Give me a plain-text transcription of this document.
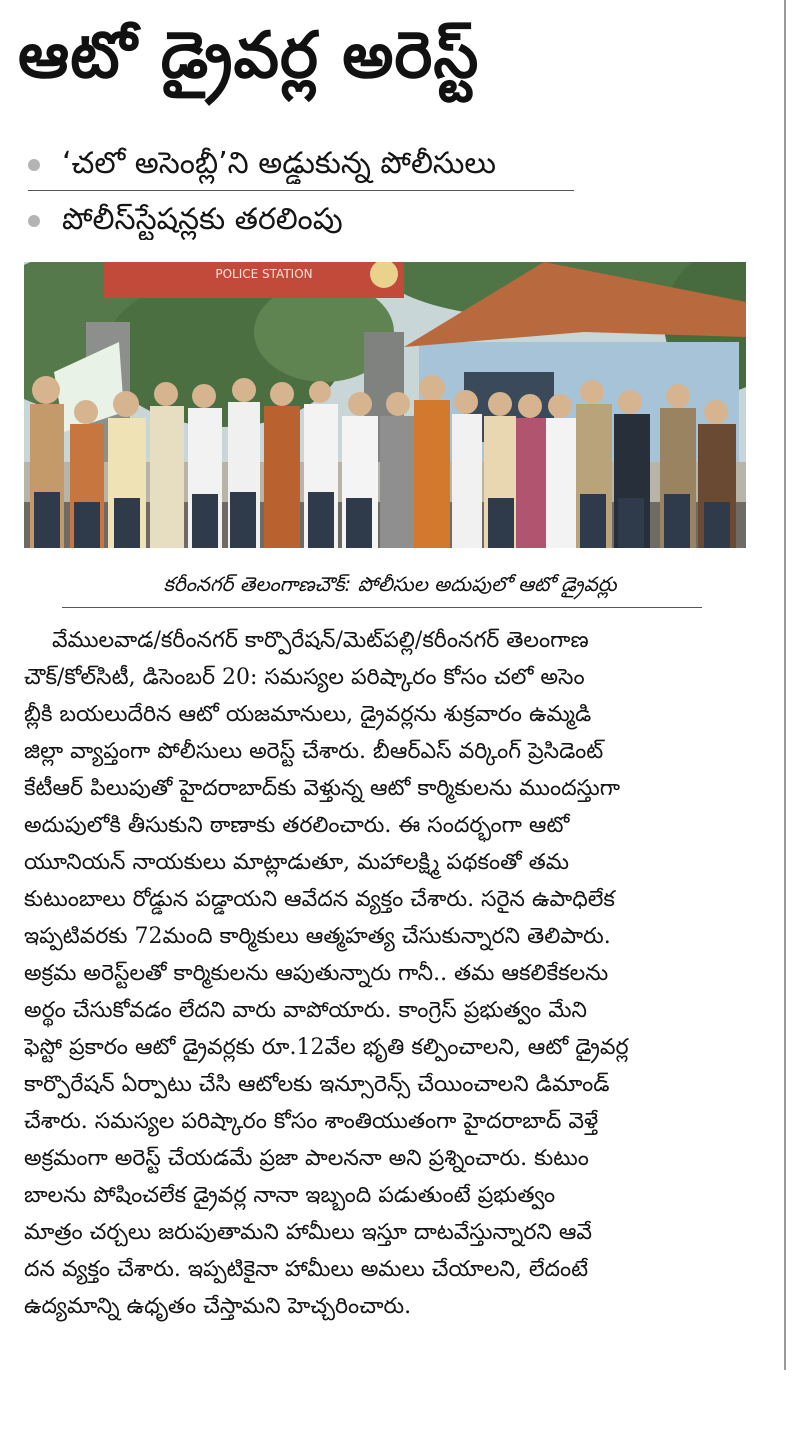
ఆటో డ్రైవర్ల అరెస్ట్
‘చలో అసెంబ్లీ’ని అడ్డుకున్న పోలీసులు
పోలీస్‌స్టేషన్లకు తరలింపు
POLICE STATION
కరీంనగర్ తెలంగాణచౌక్: పోలీసుల అదుపులో ఆటో డ్రైవర్లు
వేములవాడ/కరీంనగర్ కార్పొరేషన్/మెట్‌పల్లి/కరీంనగర్ తెలంగాణ
చౌక్/కోల్‌సిటీ, డిసెంబర్ 20: సమస్యల పరిష్కారం కోసం చలో అసెం
బ్లీకి బయలుదేరిన ఆటో యజమానులు, డ్రైవర్లను శుక్రవారం ఉమ్మడి
జిల్లా వ్యాప్తంగా పోలీసులు అరెస్ట్ చేశారు. బీఆర్‌ఎస్ వర్కింగ్ ప్రెసిడెంట్
కేటీఆర్ పిలుపుతో హైదరాబాద్‌కు వెళ్తున్న ఆటో కార్మికులను ముందస్తుగా
అదుపులోకి తీసుకుని ఠాణాకు తరలించారు. ఈ సందర్భంగా ఆటో
యూనియన్ నాయకులు మాట్లాడుతూ, మహాలక్ష్మి పథకంతో తమ
కుటుంబాలు రోడ్డున పడ్డాయని ఆవేదన వ్యక్తం చేశారు. సరైన ఉపాధిలేక
ఇప్పటివరకు 72మంది కార్మికులు ఆత్మహత్య చేసుకున్నారని తెలిపారు.
అక్రమ అరెస్ట్‌లతో కార్మికులను ఆపుతున్నారు గానీ.. తమ ఆకలికేకలను
అర్థం చేసుకోవడం లేదని వారు వాపోయారు. కాంగ్రెస్ ప్రభుత్వం మేని
ఫెస్టో ప్రకారం ఆటో డ్రైవర్లకు రూ.12వేల భృతి కల్పించాలని, ఆటో డ్రైవర్ల
కార్పొరేషన్ ఏర్పాటు చేసి ఆటోలకు ఇన్సూరెన్స్ చేయించాలని డిమాండ్
చేశారు. సమస్యల పరిష్కారం కోసం శాంతియుతంగా హైదరాబాద్ వెళ్తే
అక్రమంగా అరెస్ట్ చేయడమే ప్రజా పాలననా అని ప్రశ్నించారు. కుటుం
బాలను పోషించలేక డ్రైవర్ల నానా ఇబ్బంది పడుతుంటే ప్రభుత్వం
మాత్రం చర్చలు జరుపుతామని హామీలు ఇస్తూ దాటవేస్తున్నారని ఆవే
దన వ్యక్తం చేశారు. ఇప్పటికైనా హామీలు అమలు చేయాలని, లేదంటే
ఉద్యమాన్ని ఉధృతం చేస్తామని హెచ్చరించారు.
